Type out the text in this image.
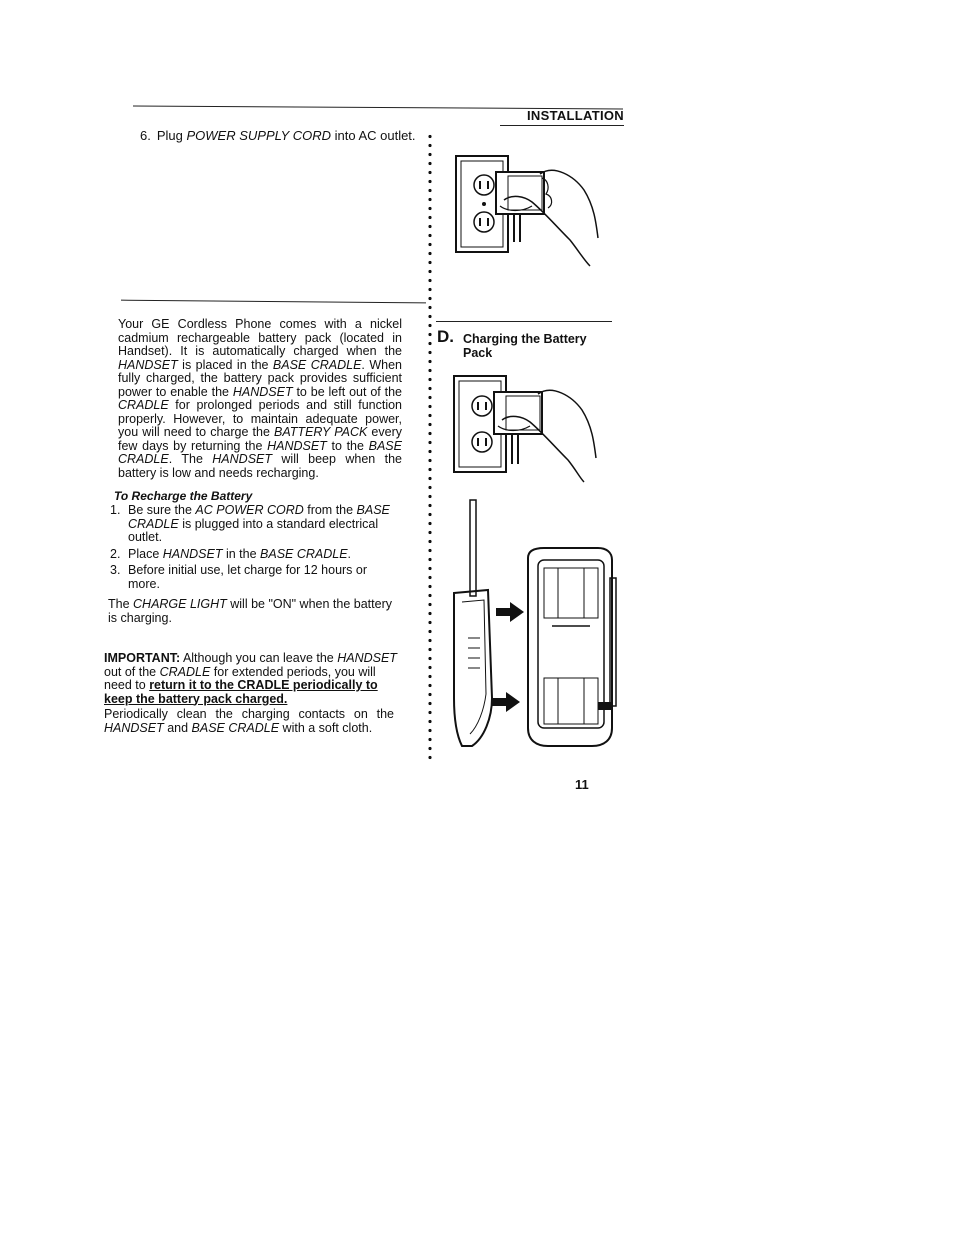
INSTALLATION
6. Plug POWER SUPPLY CORD into AC outlet.
D. Charging the Battery Pack
Your GE Cordless Phone comes with a nickel cadmium rechargeable battery pack (located in Handset). It is automatically charged when the HANDSET is placed in the BASE CRADLE. When fully charged, the battery pack provides sufficient power to enable the HANDSET to be left out of the CRADLE for prolonged periods and still function properly. However, to maintain adequate power, you will need to charge the BATTERY PACK every few days by returning the HANDSET to the BASE CRADLE. The HANDSET will beep when the battery is low and needs recharging.
To Recharge the Battery
1. Be sure the AC POWER CORD from the BASE CRADLE is plugged into a standard electrical outlet.
2. Place HANDSET in the BASE CRADLE.
3. Before initial use, let charge for 12 hours or more.
The CHARGE LIGHT will be "ON" when the battery is charging.
IMPORTANT: Although you can leave the HANDSET out of the CRADLE for extended periods, you will need to return it to the CRADLE periodically to keep the battery pack charged.
Periodically clean the charging contacts on the HANDSET and BASE CRADLE with a soft cloth.
11
